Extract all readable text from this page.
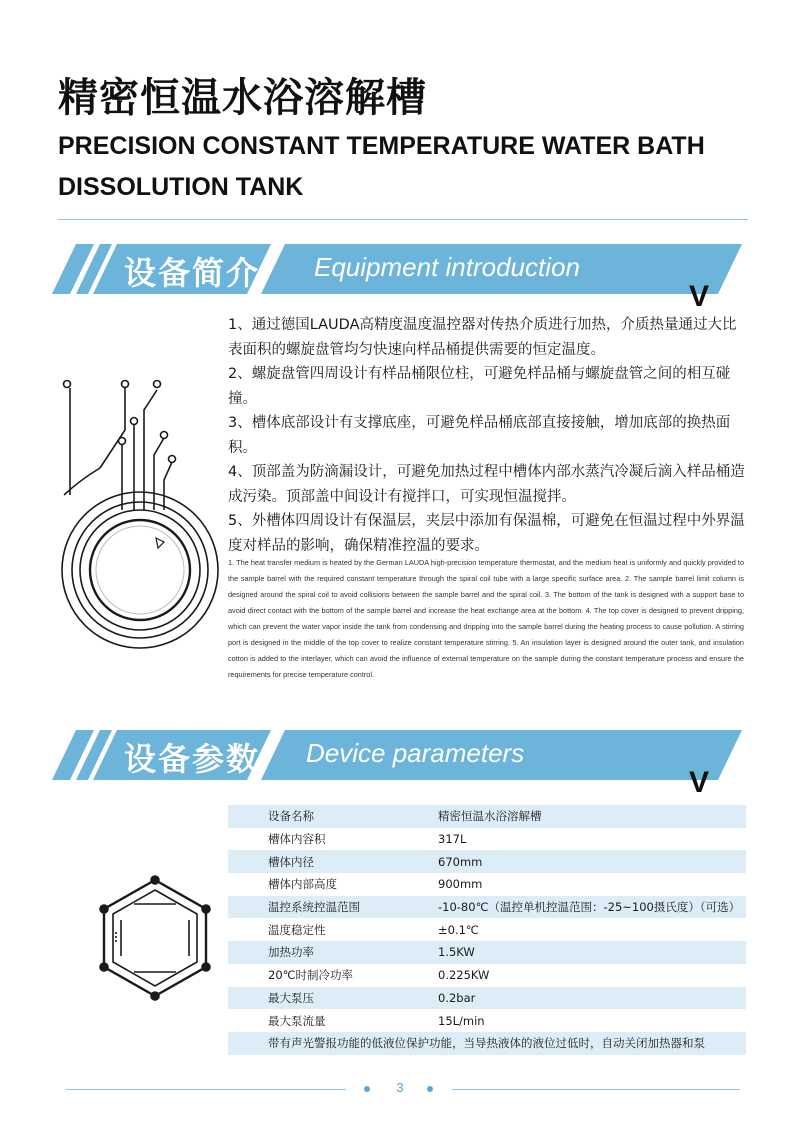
精密恒温水浴溶解槽
PRECISION CONSTANT TEMPERATURE WATER BATH
DISSOLUTION TANK
设备简介 Equipment introduction
V

1、通过德国LAUDA高精度温度温控器对传热介质进行加热，介质热量通过大比表面积的螺旋盘管均匀快速向样品桶提供需要的恒定温度。

2、螺旋盘管四周设计有样品桶限位柱，可避免样品桶与螺旋盘管之间的相互碰撞。

3、槽体底部设计有支撑底座，可避免样品桶底部直接接触，增加底部的换热面积。

4、顶部盖为防滴漏设计，可避免加热过程中槽体内部水蒸汽冷凝后滴入样品桶造成污染。顶部盖中间设计有搅拌口，可实现恒温搅拌。

5、外槽体四周设计有保温层，夹层中添加有保温棉，可避免在恒温过程中外界温度对样品的影响，确保精准控温的要求。

1. The heat transfer medium is heated by the German LAUDA high-precision temperature thermostat, and the medium heat is uniformly and quickly provided to the sample barrel with the required constant temperature through the spiral coil tube with a large specific surface area. 2. The sample barrel limit column is designed around the spiral coil to avoid collisions between the sample barrel and the spiral coil. 3. The bottom of the tank is designed with a support base to avoid direct contact with the bottom of the sample barrel and increase the heat exchange area at the bottom. 4. The top cover is designed to prevent dripping, which can prevent the water vapor inside the tank from condensing and dripping into the sample barrel during the heating process to cause pollution. A stirring port is designed in the middle of the top cover to realize constant temperature stirring. 5. An insulation layer is designed around the outer tank, and insulation cotton is added to the interlayer, which can avoid the influence of external temperature on the sample during the constant temperature process and ensure the requirements for precise temperature control.
设备参数 Device parameters
V
设备名称	精密恒温水浴溶解槽
槽体内容积	317L
槽体内径	670mm
槽体内部高度	900mm
温控系统控温范围	-10-80℃（温控单机控温范围：-25~100摄氏度）（可选）
温度稳定性	±0.1℃
加热功率	1.5KW
20℃时制冷功率	0.225KW
最大泵压	0.2bar
最大泵流量	15L/min
带有声光警报功能的低液位保护功能，当导热液体的液位过低时，自动关闭加热器和泵	
3
